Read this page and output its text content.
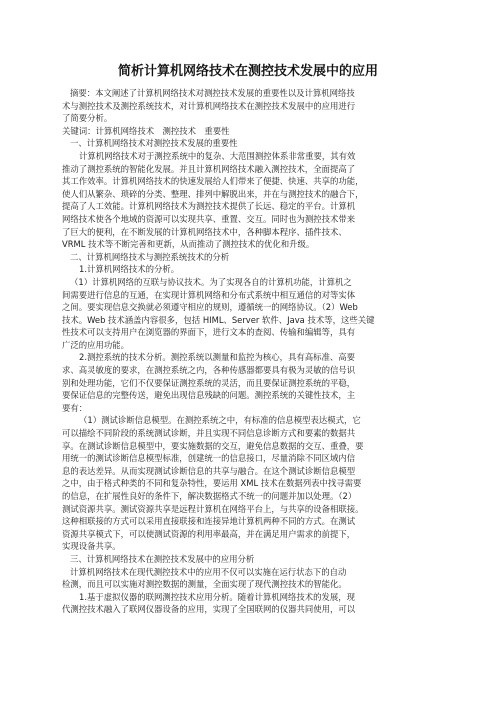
简析计算机网络技术在测控技术发展中的应用
摘要：本文阐述了计算机网络技术对测控技术发展的重要性以及计算机网络技
术与测控技术及测控系统技术，对计算机网络技术在测控技术发展中的应用进行
了简要分析。
关键词：计算机网络技术　测控技术　重要性
一、计算机网络技术对测控技术发展的重要性
计算机网络技术对于测控系统中的复杂、大范围测控体系非常重要，其有效
推动了测控系统的智能化发展。并且计算机网络技术融入测控技术，全面提高了
其工作效率。计算机网络技术的快速发展给人们带来了便捷、快速、共享的功能，
使人们从繁杂、琐碎的分类、整理、排列中解脱出来，并在与测控技术的融合下，
提高了人工效能。计算机网络技术为测控技术提供了长远、稳定的平台。计算机
网络技术使各个地域的资源可以实现共享、重置、交互。同时也为测控技术带来
了巨大的便利，在不断发展的计算机网络技术中，各种脚本程序、插件技术、
VRML 技术等不断完善和更新，从而推动了测控技术的优化和升级。
二、计算机网络技术与测控系统技术的分析
1.计算机网络技术的分析。
（1）计算机网络的互联与协议技术。为了实现各自的计算机功能，计算机之
间需要进行信息的互通，在实现计算机网络和分布式系统中相互通信的对等实体
之间。要实现信息交换就必须遵守相应的规则，遵循统一的网络协议。（2）Web
技术。Web 技术涵盖内容很多，包括 HIML、Server 软件、Java 技术等，这些关键
性技术可以支持用户在浏览器的界面下，进行文本的查阅、传输和编辑等，具有
广泛的应用功能。
2.测控系统的技术分析。测控系统以测量和监控为核心，具有高标准、高要
求、高灵敏度的要求，在测控系统之内，各种传感器都要具有极为灵敏的信号识
别和处理功能，它们不仅要保证测控系统的灵活，而且要保证测控系统的平稳，
要保证信息的完整传送，避免出现信息残缺的问题。测控系统的关键性技术，主
要有：
（1）测试诊断信息模型。在测控系统之中，有标准的信息模型表达模式，它
可以描绘不同阶段的系统测试诊断，并且实现不同信息诊断方式和要素的数据共
享。在测试诊断信息模型中，要实施数据的交互，避免信息数据的交互、重叠，要
用统一的测试诊断信息模型标准，创建统一的信息接口，尽量消除不同区域内信
息的表达差异。从而实现测试诊断信息的共享与融合。在这个测试诊断信息模型
之中，由于格式种类的不同和复杂特性，要运用 XML 技术在数据列表中找寻需要
的信息，在扩展性良好的条件下，解决数据格式不统一的问题并加以处理。（2）
测试资源共享。测试资源共享是远程计算机在网络平台上，与共享的设备相联接。
这种相联接的方式可以采用直接联接和连接异地计算机两种不同的方式。在测试
资源共享模式下，可以使测试资源的利用率最高，并在满足用户需求的前提下，
实现设备共享。
三、计算机网络技术在测控技术发展中的应用分析
计算机网络技术在现代测控技术中的应用不仅可以实施在运行状态下的自动
检测，而且可以实施对测控数据的测量，全面实现了现代测控技术的智能化。
1.基于虚拟仪器的联网测控技术应用分析。随着计算机网络技术的发展，现
代测控技术融入了联网仪器设备的应用，实现了全国联网的仪器共同使用，可以
